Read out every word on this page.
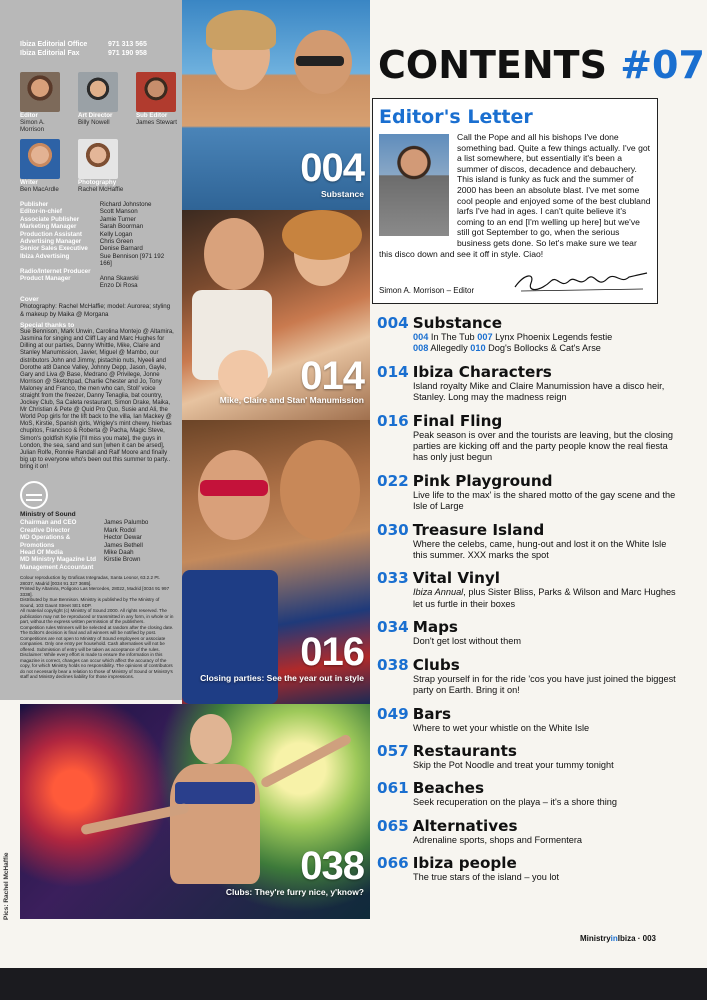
Ibiza Editorial Office	971 313 565
Ibiza Editorial Fax	971 190 958
Editor
Simon A. Morrison
Art Director
Billy Nowell
Sub Editor
James Stewart
Writer
Ben MacArdle
Photography
Rachel McHaffie
Publisher
Editor-in-chief
Associate Publisher
Marketing Manager
Production Assistant
Advertising Manager
Senior Sales Executive
Ibiza Advertising
Radio/Internet Producer
Product Manager
Richard Johnstone
Scott Manson
Jamie Turner
Sarah Boorman
Kelly Logan
Chris Green
Denise Barnard
Sue Bennison [971 192 166]
Anna Skawski
Enzo Di Rosa
Cover
Photography: Rachel McHaffie; model: Aurorea; styling & makeup by Maika @ Morgana
Special thanks to
Sue Bennison, Mark Unwin, Carolina Montejo @ Altamira, Jasmina for singing and Cliff Lay and Marc Hughes for Dilling at our parties, Danny Whittle, Mike, Claire and Stanley Manumission, Javier, Miguel @ Mambo, our distributors John and Jimmy, pistachio nuts, Nyeeli and Dorothe at8 Dance Valley, Johnny Depp, Jason, Gayle, Gary and Liva @ Base, Medrano @ Privilege, Jonne Morrison @ Sketchpad, Charlie Chester and Jo, Tony Maloney and Franco, the men who can, Stoll' voice straight from the freezer, Danny Tenaglia, bat country, Jockey Club, Sa Caleta restaurant, Simon Drake, Maika, Mr Christian & Pete @ Quid Pro Quo, Susie and Ali, the World Pop girls for the lift back to the villa, Ian Mackey @ MoS, Kirstie, Spanish girls, Wrigley's mint chewy, hierbas chupitos, Francisco & Roberta @ Pacha, Magic Steve, Simon's goldfish Kylie [I'll miss you mate], the guys in London, the sea, sand and sun [when it can be arsed], Julian Rolfe, Ronnie Randall and Ralf Moore and finally big up to everyone who's been out this summer to party.. bring it on!
Ministry of Sound
Chairman and CEO
Creative Director
MD Operations & Promotions
Head Of Media
MD Ministry Magazine Ltd
Management Accountant
James Palumbo
Mark Rodol
Hector Dewar
James Bethell
Mike Daah
Kirstie Brown
Colour reproduction by Graficas Integradas, Santa Leonor, 63.2.2 Pt. 28037, Madrid [0034 91 327 3685].
Printed by Altamira, Poligono Las Mercedes, 28022, Madrid [0034 91 997 3338].
Distributed by Sue Bennison. Ministry is published by The Ministry of Sound, 103 Gaunt Street SE1 6DP.
All material copyright (c) Ministry of Sound 2000. All rights reserved. The publication may not be reproduced or transmitted in any form, in whole or in part, without the express written permission of the publishers.
Competition rules Winners will be selected at random after the closing date. The Editor's decision is final and all winners will be notified by post. Competitions are not open to Ministry of Sound employees or associate companies. Only one entry per household. Cash alternatives will not be offered. Submission of entry will be taken as acceptance of the rules.
Disclaimer: While every effort is made to ensure the information in this magazine is correct, changes can occur which affect the accuracy of the copy, for which Ministry holds no responsibility. The opinions of contributors do not necessarily bear a relation to those of Ministry of Sound or Ministry's staff and Ministry declines liability for those impressions.
004
Substance
014
Mike, Claire and Stan' Manumission
016
Closing parties: See the year out in style
038
Clubs: They're furry nice, y'know?
Pics: Rachel McHaffie
CONTENTS #07
Editor's Letter
Call the Pope and all his bishops I've done something bad. Quite a few things actually. I've got a list somewhere, but essentially it's been a summer of discos, decadence and debauchery. This island is funky as fuck and the summer of 2000 has been an absolute blast. I've met some cool people and enjoyed some of the best clubland larfs I've had in ages. I can't quite believe it's coming to an end [I'm welling up here] but we've still got September to go, when the serious business gets done. So let's make sure we tear this disco down and see it off in style. Ciao!
Simon A. Morrison – Editor
004 Substance
004 In The Tub 007 Lynx Phoenix Legends festie
008 Allegedly 010 Dog's Bollocks & Cat's Arse
014 Ibiza Characters
Island royalty Mike and Claire Manumission have a disco heir, Stanley. Long may the madness reign
016 Final Fling
Peak season is over and the tourists are leaving, but the closing parties are kicking off and the party people know the real fiesta has only just begun
022 Pink Playground
Live life to the max' is the shared motto of the gay scene and the Isle of Large
030 Treasure Island
Where the celebs, came, hung-out and lost it on the White Isle this summer. XXX marks the spot
033 Vital Vinyl
Ibiza Annual, plus Sister Bliss, Parks & Wilson and Marc Hughes let us furtle in their boxes
034 Maps
Don't get lost without them
038 Clubs
Strap yourself in for the ride 'cos you have just joined the biggest party on Earth. Bring it on!
049 Bars
Where to wet your whistle on the White Isle
057 Restaurants
Skip the Pot Noodle and treat your tummy tonight
061 Beaches
Seek recuperation on the playa – it's a shore thing
065 Alternatives
Adrenaline sports, shops and Formentera
066 Ibiza people
The true stars of the island – you lot
MinistryinIbiza · 003
